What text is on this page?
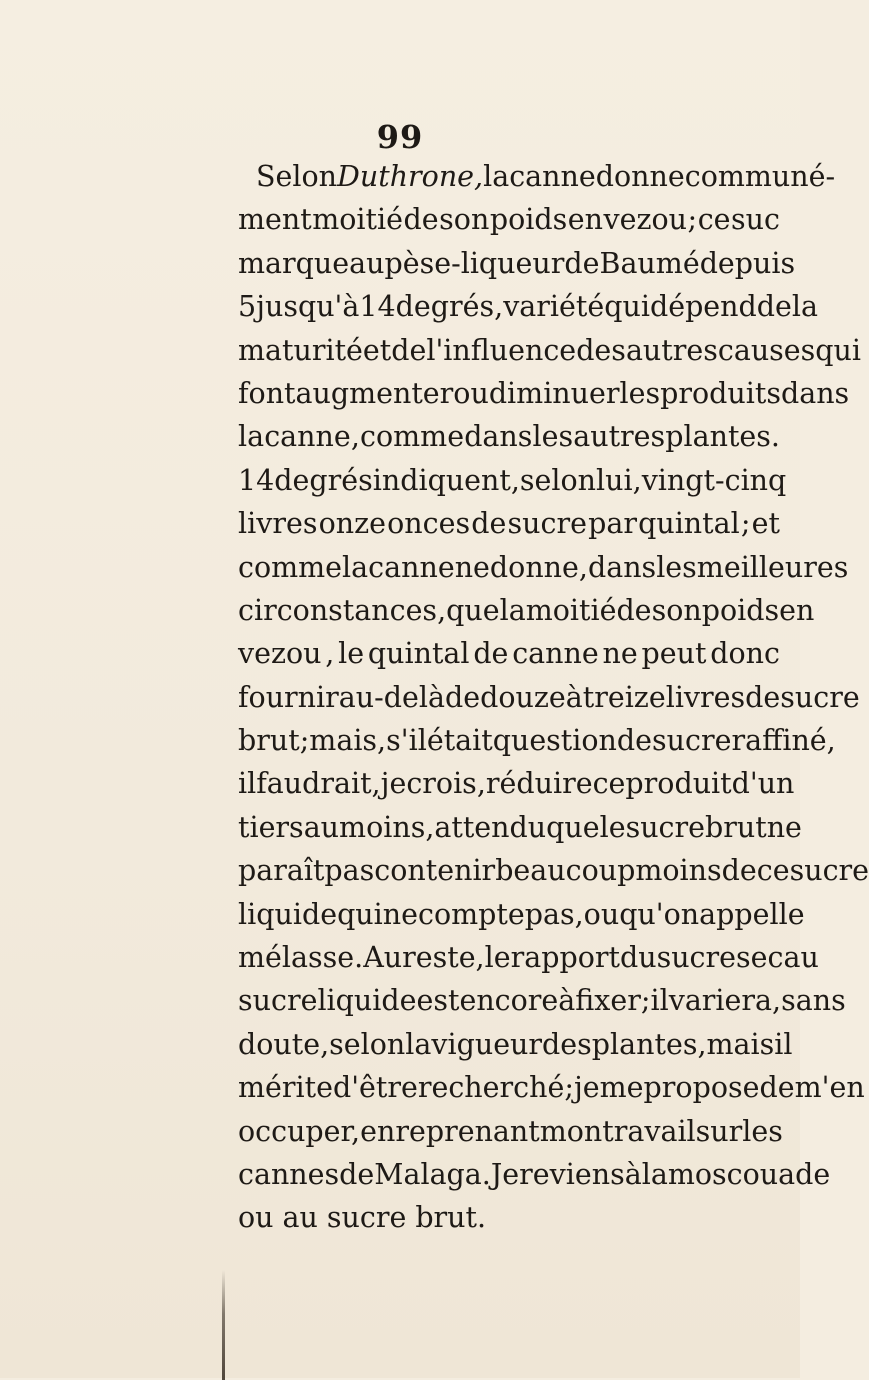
99
Selon Duthrone, la canne donne communé-
ment moitié de son poids en vezou ; ce suc
marque au pèse-liqueur de Baumé depuis
5 jusqu'à 14 degrés , variété qui dépend de la
maturité et de l'influence des autres causes qui
font augmenter ou diminuer les produits dans
la canne , comme dans les autres plantes.
14 degrés indiquent, selon lui, vingt-cinq
livres onze onces de sucre par quintal ; et
comme la canne ne donne , dans les meilleures
circonstances , que la moitié de son poids en
vezou , le quintal de canne ne peut donc
fournir au-delà de douze à treize livres de sucre
brut ; mais, s'il était question de sucre raffiné,
il faudrait, je crois , réduire ce produit d'un
tiers au moins , attendu que le sucre brut ne
paraît pas contenir beaucoup moins de ce sucre
liquide qui ne compte pas , ou qu'on appelle
mélasse. Au reste, le rapport du sucre sec au
sucre liquide est encore à fixer; il variera, sans
doute , selon la vigueur des plantes , mais il
mérite d'être recherché ; je me propose de m'en
occuper, en reprenant mon travail sur les
cannes de Malaga. Je reviens à la moscouade
ou au sucre brut.
